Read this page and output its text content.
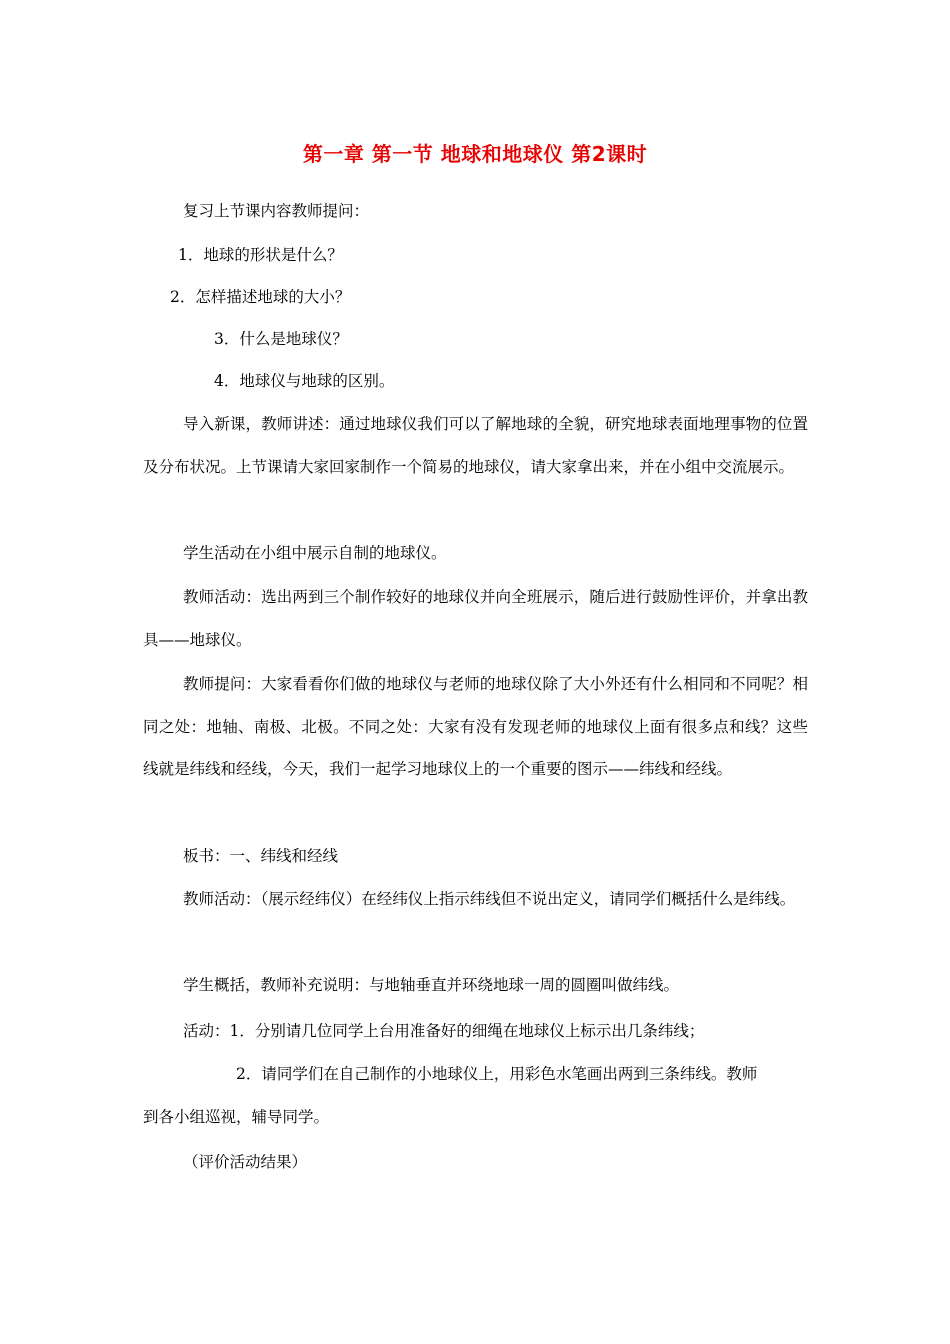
第一章 第一节 地球和地球仪 第2课时
复习上节课内容教师提问：
1．地球的形状是什么？
2．怎样描述地球的大小？
3．什么是地球仪？
4．地球仪与地球的区别。
导入新课，教师讲述：通过地球仪我们可以了解地球的全貌，研究地球表面地理事物的位置及分布状况。上节课请大家回家制作一个简易的地球仪，请大家拿出来，并在小组中交流展示。
学生活动在小组中展示自制的地球仪。
教师活动：选出两到三个制作较好的地球仪并向全班展示，随后进行鼓励性评价，并拿出教具——地球仪。
教师提问：大家看看你们做的地球仪与老师的地球仪除了大小外还有什么相同和不同呢？相同之处：地轴、南极、北极。不同之处：大家有没有发现老师的地球仪上面有很多点和线？这些线就是纬线和经线，今天，我们一起学习地球仪上的一个重要的图示——纬线和经线。
板书：一、纬线和经线
教师活动：（展示经纬仪）在经纬仪上指示纬线但不说出定义，请同学们概括什么是纬线。
学生概括，教师补充说明：与地轴垂直并环绕地球一周的圆圈叫做纬线。
活动：1．分别请几位同学上台用准备好的细绳在地球仪上标示出几条纬线；
2．请同学们在自己制作的小地球仪上，用彩色水笔画出两到三条纬线。教师
到各小组巡视，辅导同学。
（评价活动结果）
